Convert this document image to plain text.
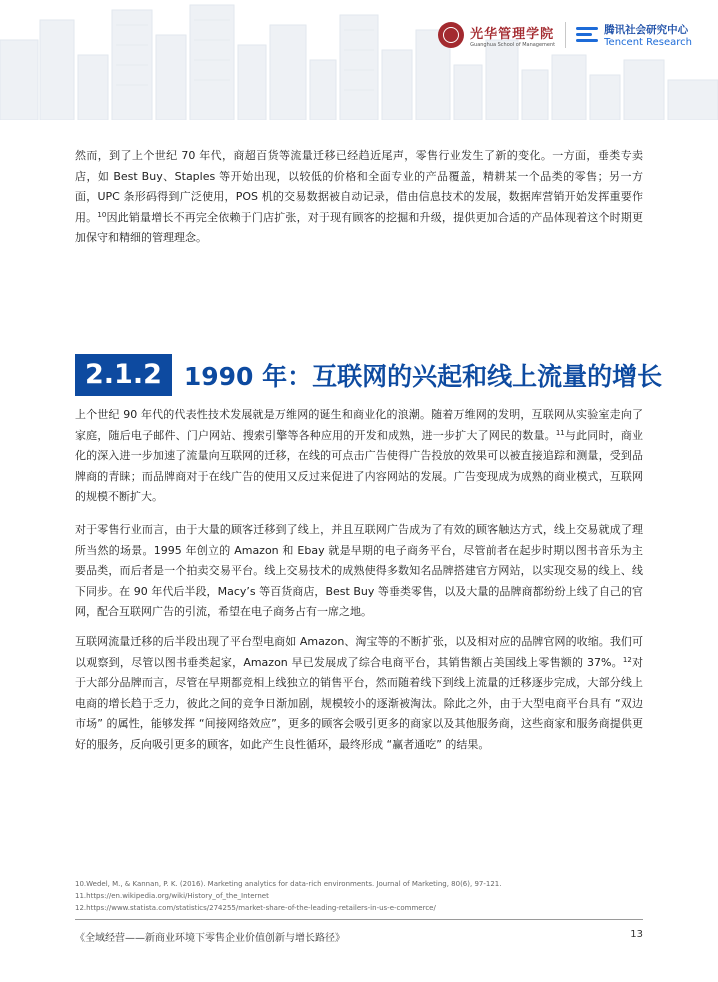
光华管理学院
Guanghua School of Management
腾讯社会研究中心
Tencent Research

然而，到了上个世纪 70 年代，商超百货等流量迁移已经趋近尾声，零售行业发生了新的变化。一方面，垂类专卖店，如 Best Buy、Staples 等开始出现，以较低的价格和全面专业的产品覆盖，精耕某一个品类的零售；另一方面，UPC 条形码得到广泛使用，POS 机的交易数据被自动记录，借由信息技术的发展，数据库营销开始发挥重要作用。$^{10}$因此销量增长不再完全依赖于门店扩张，对于现有顾客的挖掘和升级，提供更加合适的产品体现着这个时期更加保守和精细的管理理念。

2.1.2 1990 年：互联网的兴起和线上流量的增长

上个世纪 90 年代的代表性技术发展就是万维网的诞生和商业化的浪潮。随着万维网的发明，互联网从实验室走向了家庭，随后电子邮件、门户网站、搜索引擎等各种应用的开发和成熟，进一步扩大了网民的数量。$^{11}$与此同时，商业化的深入进一步加速了流量向互联网的迁移，在线的可点击广告使得广告投放的效果可以被直接追踪和测量，受到品牌商的青睐；而品牌商对于在线广告的使用又反过来促进了内容网站的发展。广告变现成为成熟的商业模式，互联网的规模不断扩大。

对于零售行业而言，由于大量的顾客迁移到了线上，并且互联网广告成为了有效的顾客触达方式，线上交易就成了理所当然的场景。1995 年创立的 Amazon 和 Ebay 就是早期的电子商务平台，尽管前者在起步时期以图书音乐为主要品类，而后者是一个拍卖交易平台。线上交易技术的成熟使得多数知名品牌搭建官方网站，以实现交易的线上、线下同步。在 90 年代后半段，Macy’s 等百货商店，Best Buy 等垂类零售，以及大量的品牌商都纷纷上线了自己的官网，配合互联网广告的引流，希望在电子商务占有一席之地。

互联网流量迁移的后半段出现了平台型电商如 Amazon、淘宝等的不断扩张，以及相对应的品牌官网的收缩。我们可以观察到，尽管以图书垂类起家，Amazon 早已发展成了综合电商平台，其销售额占美国线上零售额的 37%。$^{12}$对于大部分品牌而言，尽管在早期都竞相上线独立的销售平台，然而随着线下到线上流量的迁移逐步完成，大部分线上电商的增长趋于乏力，彼此之间的竞争日渐加剧，规模较小的逐渐被淘汰。除此之外，由于大型电商平台具有 “双边市场” 的属性，能够发挥 “间接网络效应”，更多的顾客会吸引更多的商家以及其他服务商，这些商家和服务商提供更好的服务，反向吸引更多的顾客，如此产生良性循环，最终形成 “赢者通吃” 的结果。

10.Wedel, M., & Kannan, P. K. (2016). Marketing analytics for data-rich environments. Journal of Marketing, 80(6), 97-121.
11.https://en.wikipedia.org/wiki/History_of_the_Internet
12.https://www.statista.com/statistics/274255/market-share-of-the-leading-retailers-in-us-e-commerce/
《全域经营——新商业环境下零售企业价值创新与增长路径》	13
